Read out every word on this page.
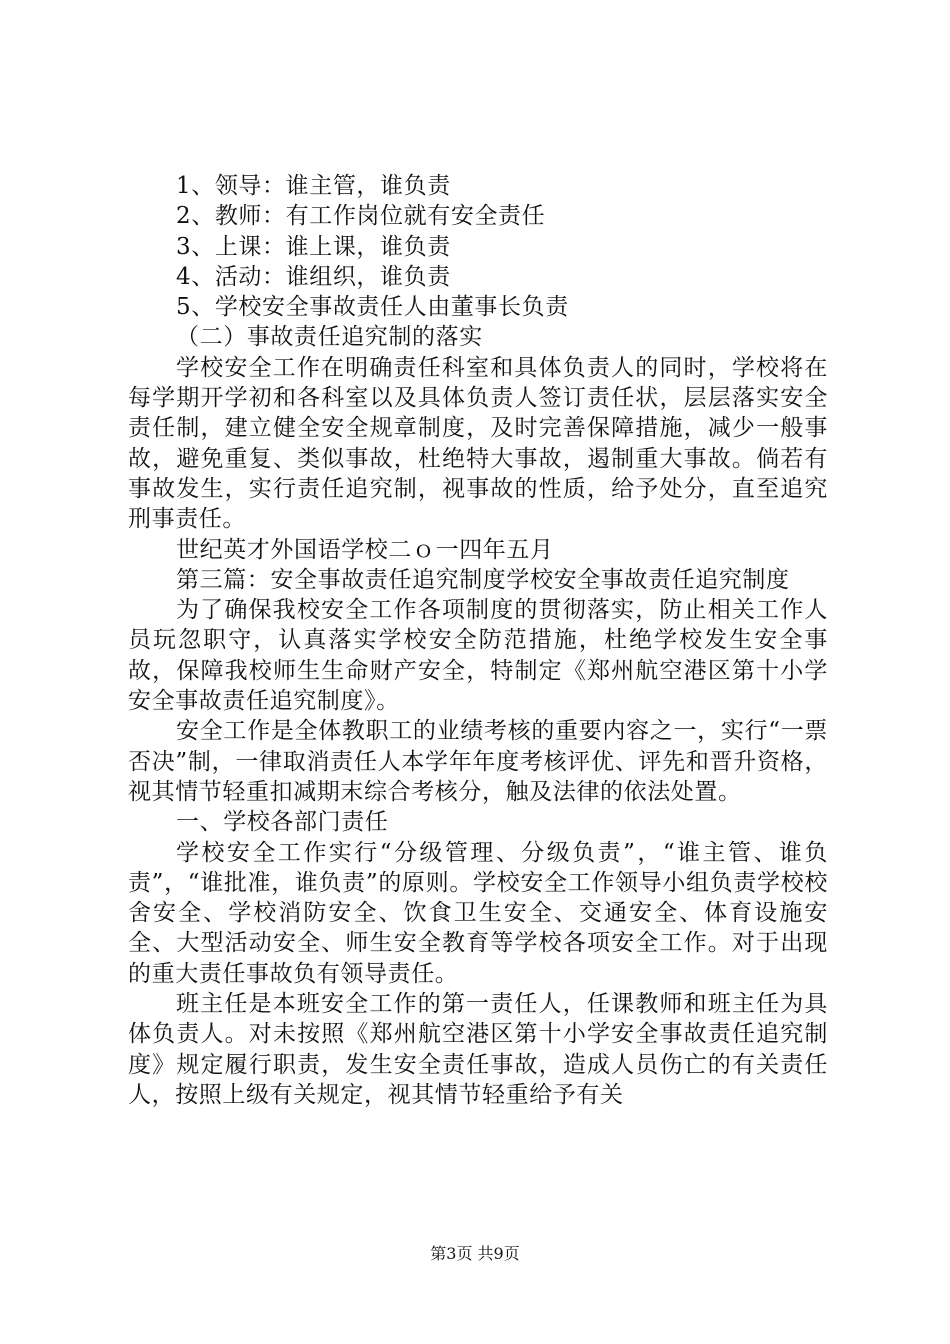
1、领导：谁主管，谁负责

2、教师：有工作岗位就有安全责任

3、上课：谁上课，谁负责

4、活动：谁组织，谁负责

5、学校安全事故责任人由董事长负责

（二）事故责任追究制的落实

学校安全工作在明确责任科室和具体负责人的同时，学校将在每学期开学初和各科室以及具体负责人签订责任状，层层落实安全责任制，建立健全安全规章制度，及时完善保障措施，减少一般事故，避免重复、类似事故，杜绝特大事故，遏制重大事故。倘若有事故发生，实行责任追究制，视事故的性质，给予处分，直至追究刑事责任。

世纪英才外国语学校二ｏ一四年五月

第三篇：安全事故责任追究制度学校安全事故责任追究制度

为了确保我校安全工作各项制度的贯彻落实，防止相关工作人员玩忽职守，认真落实学校安全防范措施，杜绝学校发生安全事故，保障我校师生生命财产安全，特制定《郑州航空港区第十小学安全事故责任追究制度》。

安全工作是全体教职工的业绩考核的重要内容之一，实行“一票否决”制，一律取消责任人本学年年度考核评优、评先和晋升资格，视其情节轻重扣减期末综合考核分，触及法律的依法处置。

一、学校各部门责任

学校安全工作实行“分级管理、分级负责”，“谁主管、谁负责”，“谁批准，谁负责”的原则。学校安全工作领导小组负责学校校舍安全、学校消防安全、饮食卫生安全、交通安全、体育设施安全、大型活动安全、师生安全教育等学校各项安全工作。对于出现的重大责任事故负有领导责任。

班主任是本班安全工作的第一责任人，任课教师和班主任为具体负责人。对未按照《郑州航空港区第十小学安全事故责任追究制度》规定履行职责，发生安全责任事故，造成人员伤亡的有关责任人，按照上级有关规定，视其情节轻重给予有关

第3页 共9页
